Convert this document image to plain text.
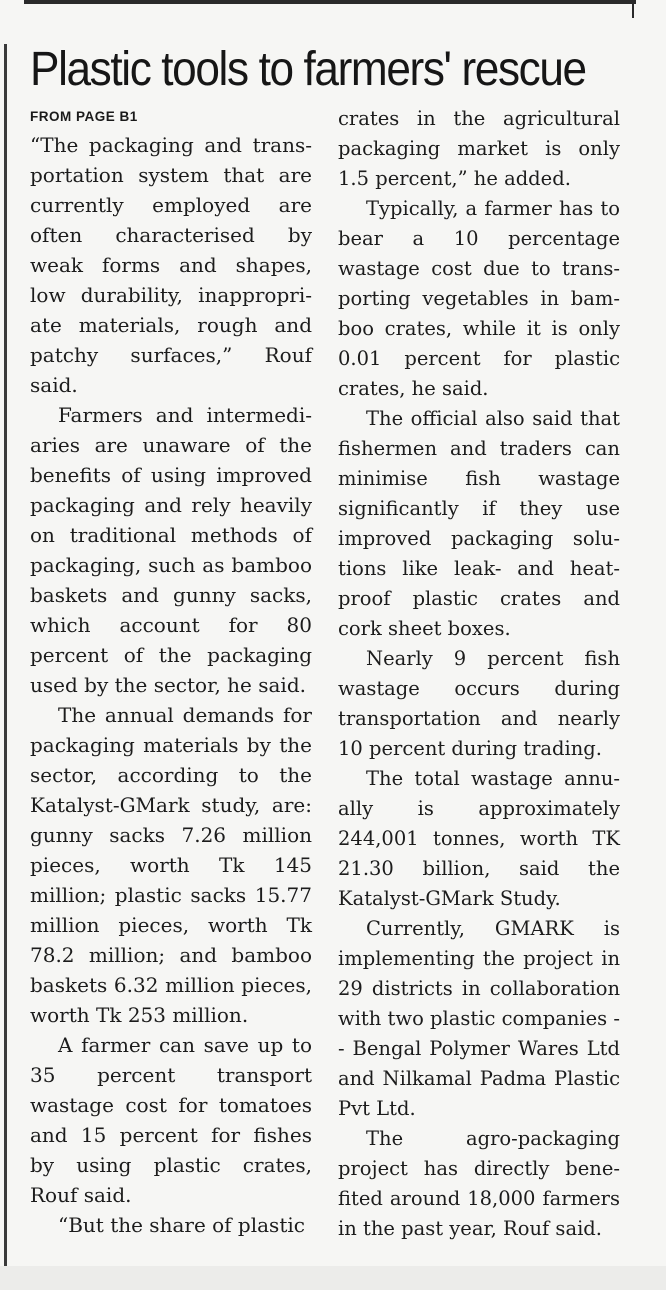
Plastic tools to farmers' rescue
FROM PAGE B1

“The packaging and transportation system that are currently employed are often characterised by weak forms and shapes, low durability, inappropriate materials, rough and patchy surfaces,” Rouf said.

Farmers and intermediaries are unaware of the benefits of using improved packaging and rely heavily on traditional methods of packaging, such as bamboo baskets and gunny sacks, which account for 80 percent of the packaging used by the sector, he said.

The annual demands for packaging materials by the sector, according to the Katalyst-GMark study, are: gunny sacks 7.26 million pieces, worth Tk 145 million; plastic sacks 15.77 million pieces, worth Tk 78.2 million; and bamboo baskets 6.32 million pieces, worth Tk 253 million.

A farmer can save up to 35 percent transport wastage cost for tomatoes and 15 percent for fishes by using plastic crates, Rouf said.

“But the share of plastic

crates in the agricultural packaging market is only 1.5 percent,” he added.

Typically, a farmer has to bear a 10 percentage wastage cost due to transporting vegetables in bamboo crates, while it is only 0.01 percent for plastic crates, he said.

The official also said that fishermen and traders can minimise fish wastage significantly if they use improved packaging solutions like leak- and heat-proof plastic crates and cork sheet boxes.

Nearly 9 percent fish wastage occurs during transportation and nearly 10 percent during trading.

The total wastage annually is approximately 244,001 tonnes, worth TK 21.30 billion, said the Katalyst-GMark Study.

Currently, GMARK is implementing the project in 29 districts in collaboration with two plastic companies -- Bengal Polymer Wares Ltd and Nilkamal Padma Plastic Pvt Ltd.

The agro-packaging project has directly benefited around 18,000 farmers in the past year, Rouf said.
